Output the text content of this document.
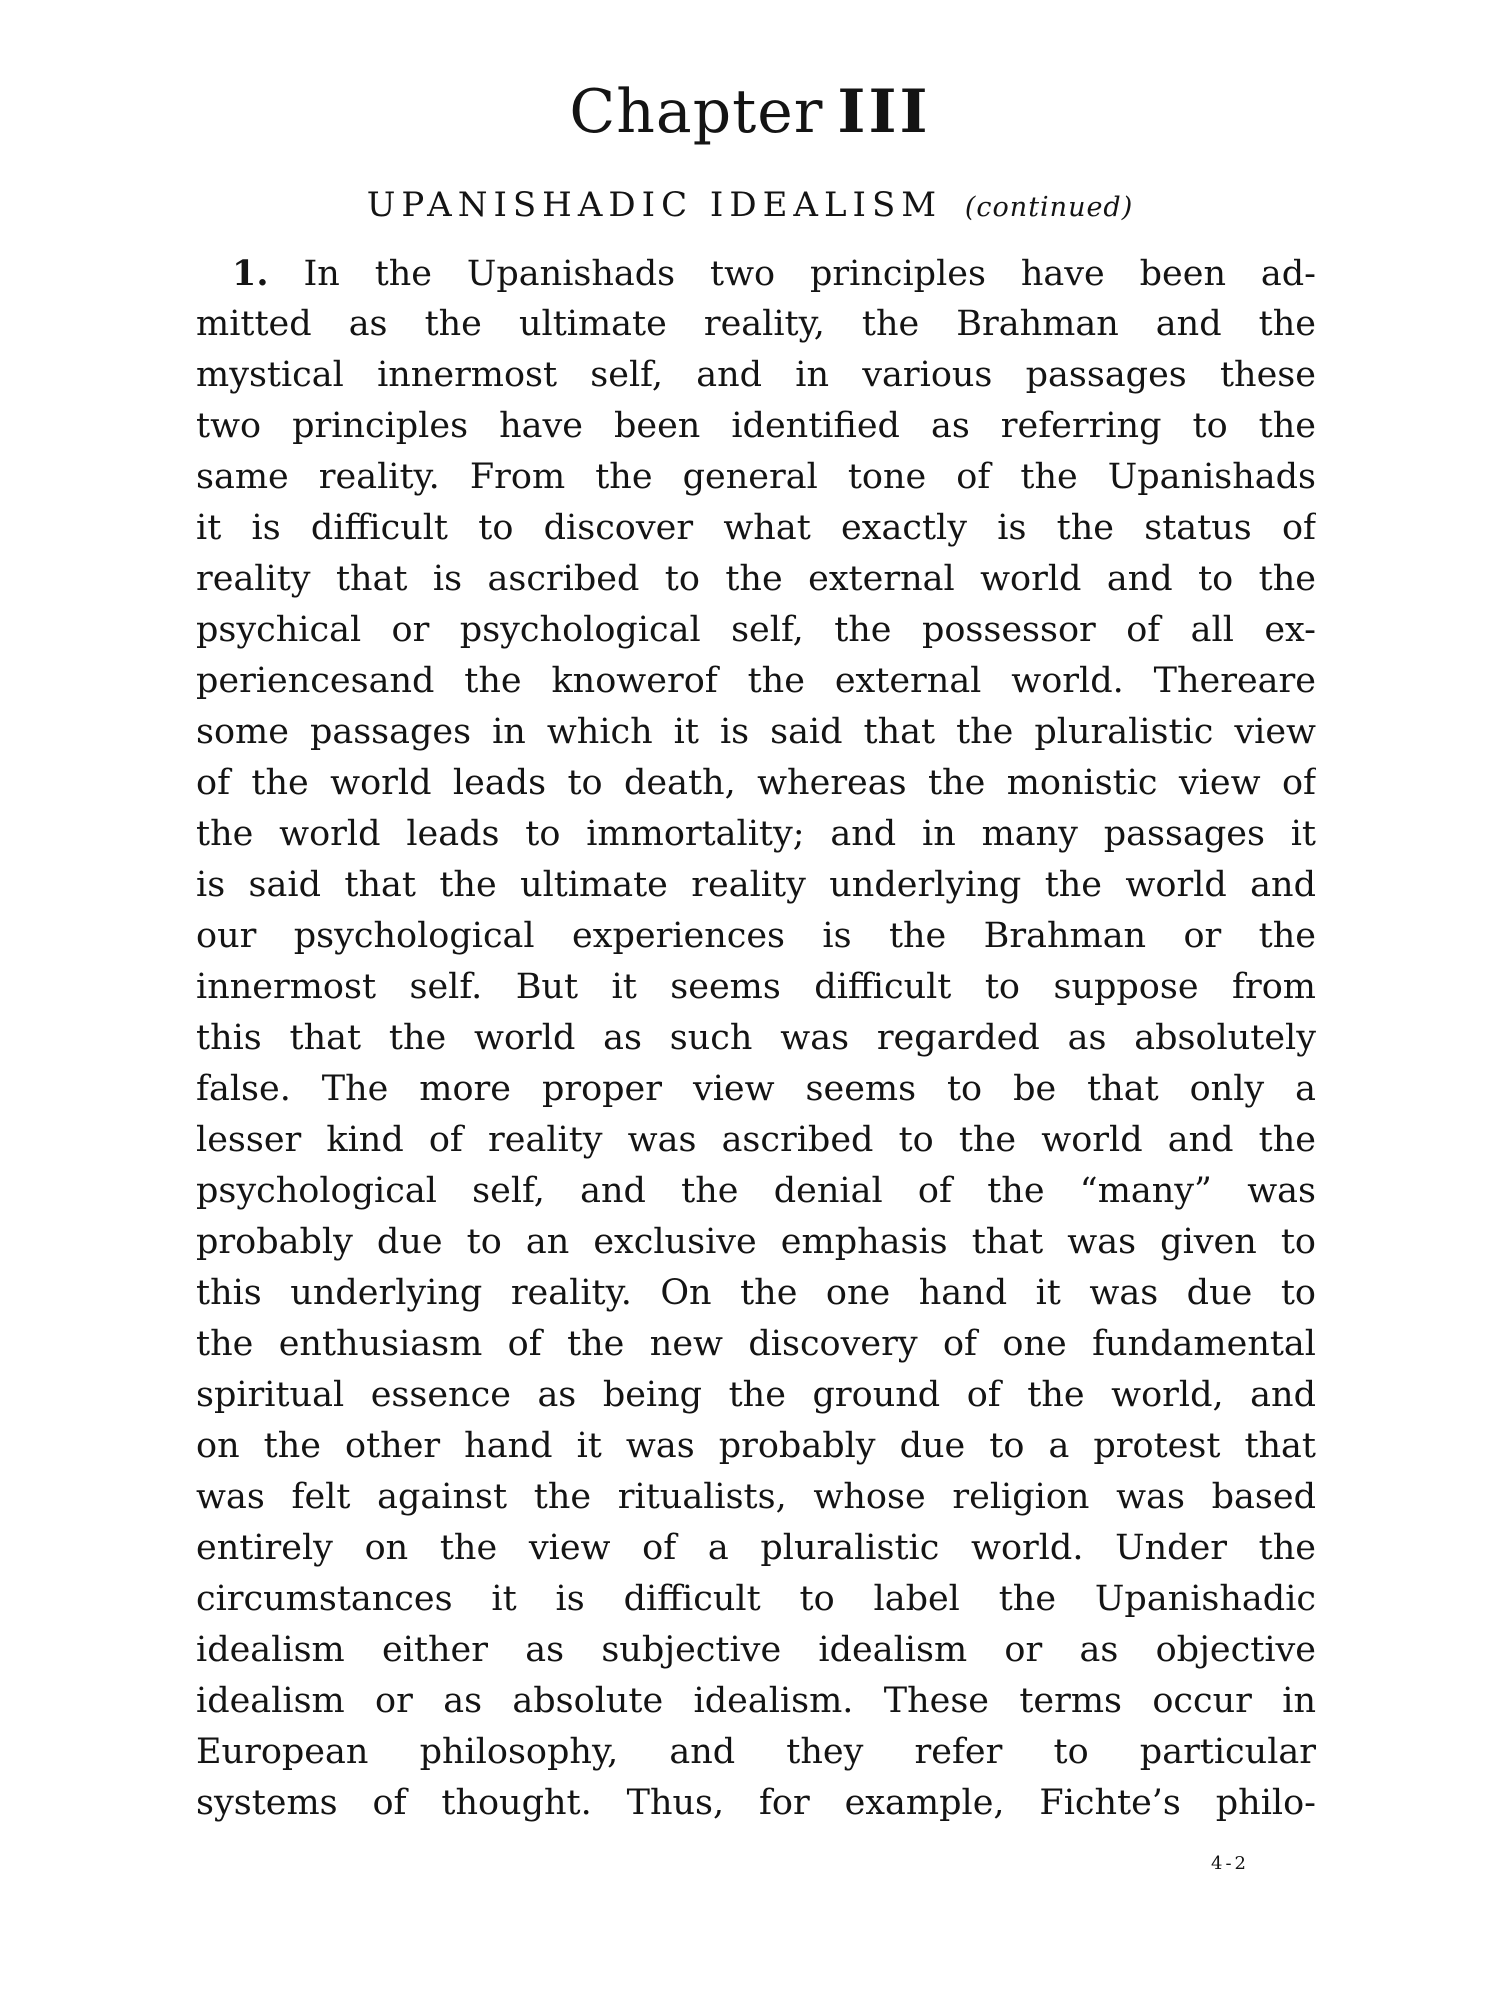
Chapter III
UPANISHADIC IDEALISM (continued)
1. In the Upanishads two principles have been ad-
mitted as the ultimate reality, the Brahman and the
mystical innermost self, and in various passages these
two principles have been identified as referring to the
same reality. From the general tone of the Upanishads
it is difficult to discover what exactly is the status of
reality that is ascribed to the external world and to the
psychical or psychological self, the possessor of all ex-
periencesand the knowerof the external world. Thereare
some passages in which it is said that the pluralistic view
of the world leads to death, whereas the monistic view of
the world leads to immortality; and in many passages it
is said that the ultimate reality underlying the world and
our psychological experiences is the Brahman or the
innermost self. But it seems difficult to suppose from
this that the world as such was regarded as absolutely
false. The more proper view seems to be that only a
lesser kind of reality was ascribed to the world and the
psychological self, and the denial of the “many” was
probably due to an exclusive emphasis that was given to
this underlying reality. On the one hand it was due to
the enthusiasm of the new discovery of one fundamental
spiritual essence as being the ground of the world, and
on the other hand it was probably due to a protest that
was felt against the ritualists, whose religion was based
entirely on the view of a pluralistic world. Under the
circumstances it is difficult to label the Upanishadic
idealism either as subjective idealism or as objective
idealism or as absolute idealism. These terms occur in
European philosophy, and they refer to particular
systems of thought. Thus, for example, Fichte’s philo-
4-2
